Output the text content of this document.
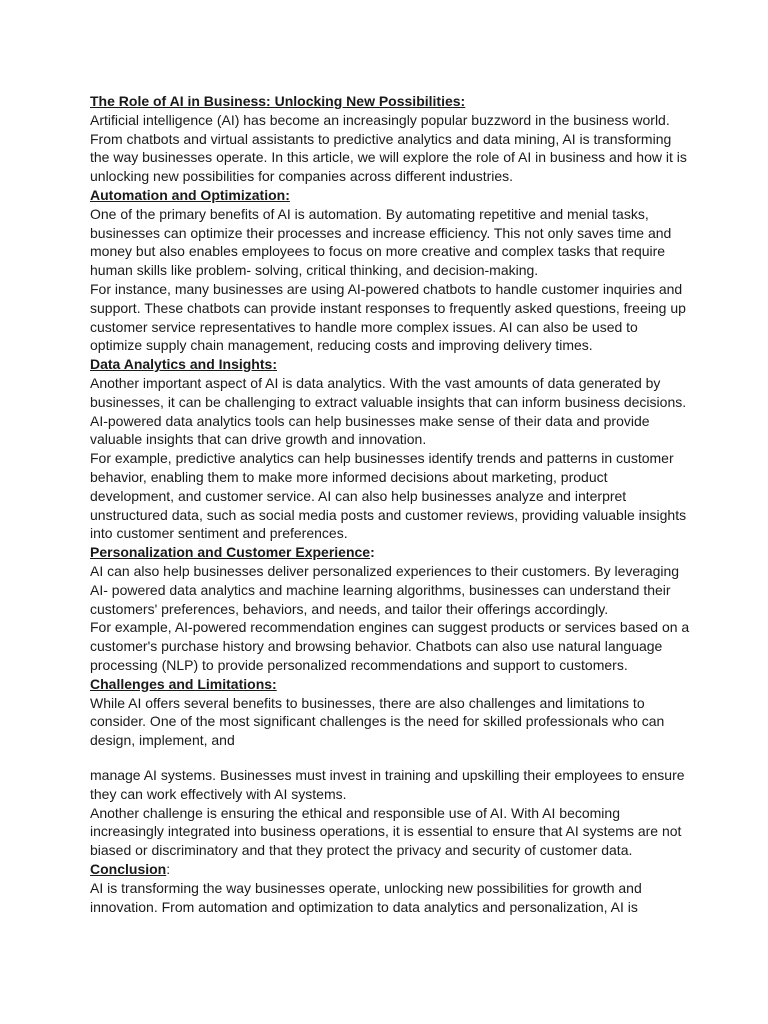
The Role of AI in Business: Unlocking New Possibilities:

Artificial intelligence (AI) has become an increasingly popular buzzword in the business world. From chatbots and virtual assistants to predictive analytics and data mining, AI is transforming the way businesses operate. In this article, we will explore the role of AI in business and how it is unlocking new possibilities for companies across different industries.

Automation and Optimization:

One of the primary benefits of AI is automation. By automating repetitive and menial tasks, businesses can optimize their processes and increase efficiency. This not only saves time and money but also enables employees to focus on more creative and complex tasks that require human skills like problem- solving, critical thinking, and decision-making.

For instance, many businesses are using AI-powered chatbots to handle customer inquiries and support. These chatbots can provide instant responses to frequently asked questions, freeing up customer service representatives to handle more complex issues. AI can also be used to optimize supply chain management, reducing costs and improving delivery times.

Data Analytics and Insights:

Another important aspect of AI is data analytics. With the vast amounts of data generated by businesses, it can be challenging to extract valuable insights that can inform business decisions. AI-powered data analytics tools can help businesses make sense of their data and provide valuable insights that can drive growth and innovation.

For example, predictive analytics can help businesses identify trends and patterns in customer behavior, enabling them to make more informed decisions about marketing, product development, and customer service. AI can also help businesses analyze and interpret unstructured data, such as social media posts and customer reviews, providing valuable insights into customer sentiment and preferences.

Personalization and Customer Experience:

AI can also help businesses deliver personalized experiences to their customers. By leveraging AI- powered data analytics and machine learning algorithms, businesses can understand their customers' preferences, behaviors, and needs, and tailor their offerings accordingly.

For example, AI-powered recommendation engines can suggest products or services based on a customer's purchase history and browsing behavior. Chatbots can also use natural language processing (NLP) to provide personalized recommendations and support to customers.

Challenges and Limitations:

While AI offers several benefits to businesses, there are also challenges and limitations to consider. One of the most significant challenges is the need for skilled professionals who can design, implement, and

manage AI systems. Businesses must invest in training and upskilling their employees to ensure they can work effectively with AI systems.

Another challenge is ensuring the ethical and responsible use of AI. With AI becoming increasingly integrated into business operations, it is essential to ensure that AI systems are not biased or discriminatory and that they protect the privacy and security of customer data.

Conclusion:

AI is transforming the way businesses operate, unlocking new possibilities for growth and innovation. From automation and optimization to data analytics and personalization, AI is
